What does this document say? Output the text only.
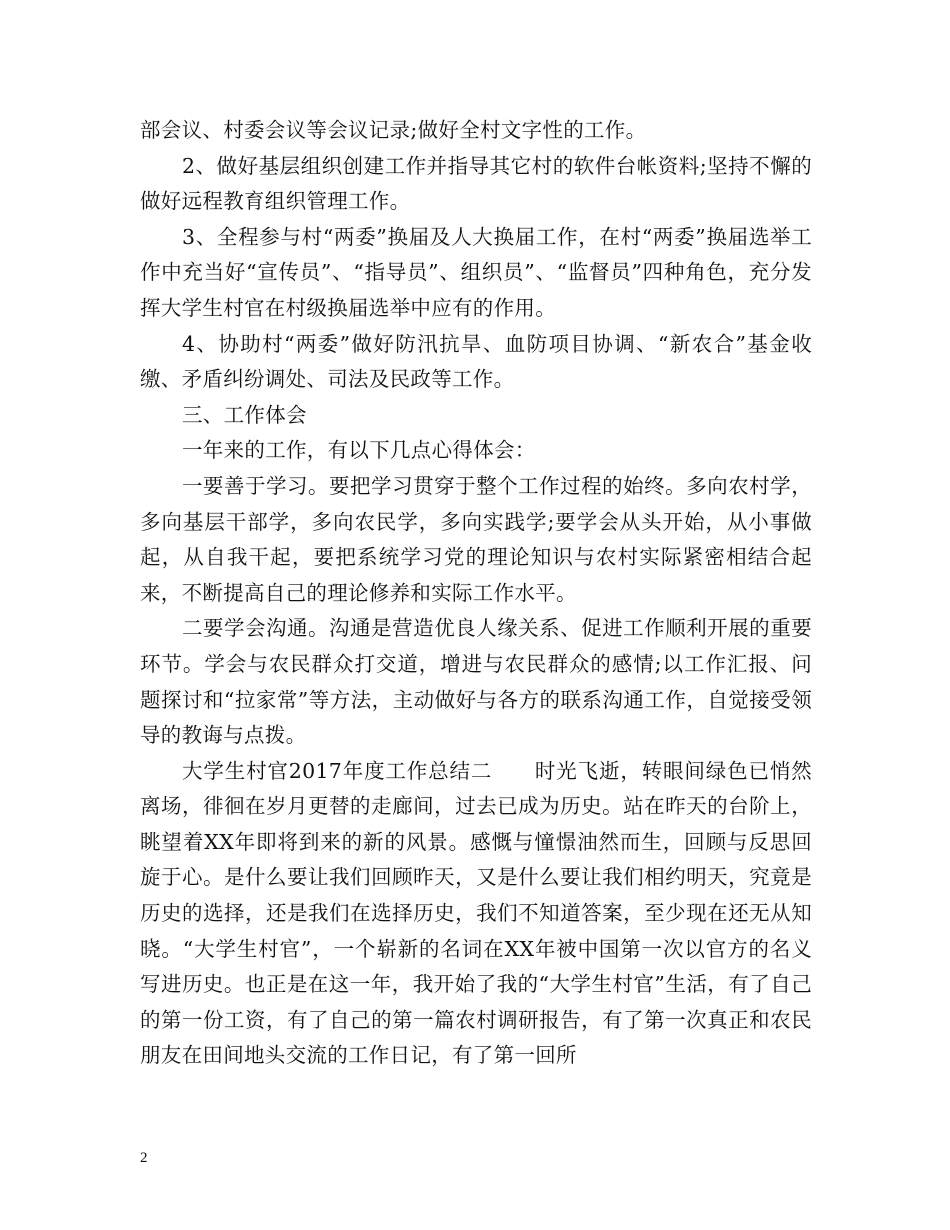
部会议、村委会议等会议记录;做好全村文字性的工作。

2、做好基层组织创建工作并指导其它村的软件台帐资料;坚持不懈的做好远程教育组织管理工作。

3、全程参与村“两委”换届及人大换届工作，在村“两委”换届选举工作中充当好“宣传员”、“指导员”、组织员”、“监督员”四种角色，充分发挥大学生村官在村级换届选举中应有的作用。

4、协助村“两委”做好防汛抗旱、血防项目协调、“新农合”基金收缴、矛盾纠纷调处、司法及民政等工作。

三、工作体会

一年来的工作，有以下几点心得体会：

一要善于学习。要把学习贯穿于整个工作过程的始终。多向农村学，多向基层干部学，多向农民学，多向实践学;要学会从头开始，从小事做起，从自我干起，要把系统学习党的理论知识与农村实际紧密相结合起来，不断提高自己的理论修养和实际工作水平。

二要学会沟通。沟通是营造优良人缘关系、促进工作顺利开展的重要环节。学会与农民群众打交道，增进与农民群众的感情;以工作汇报、问题探讨和“拉家常”等方法，主动做好与各方的联系沟通工作，自觉接受领导的教诲与点拨。

大学生村官2017年度工作总结二　　时光飞逝，转眼间绿色已悄然离场，徘徊在岁月更替的走廊间，过去已成为历史。站在昨天的台阶上，眺望着XX年即将到来的新的风景。感慨与憧憬油然而生，回顾与反思回旋于心。是什么要让我们回顾昨天，又是什么要让我们相约明天，究竟是历史的选择，还是我们在选择历史，我们不知道答案，至少现在还无从知晓。“大学生村官”，一个崭新的名词在XX年被中国第一次以官方的名义写进历史。也正是在这一年，我开始了我的“大学生村官”生活，有了自己的第一份工资，有了自己的第一篇农村调研报告，有了第一次真正和农民朋友在田间地头交流的工作日记，有了第一回所

2
